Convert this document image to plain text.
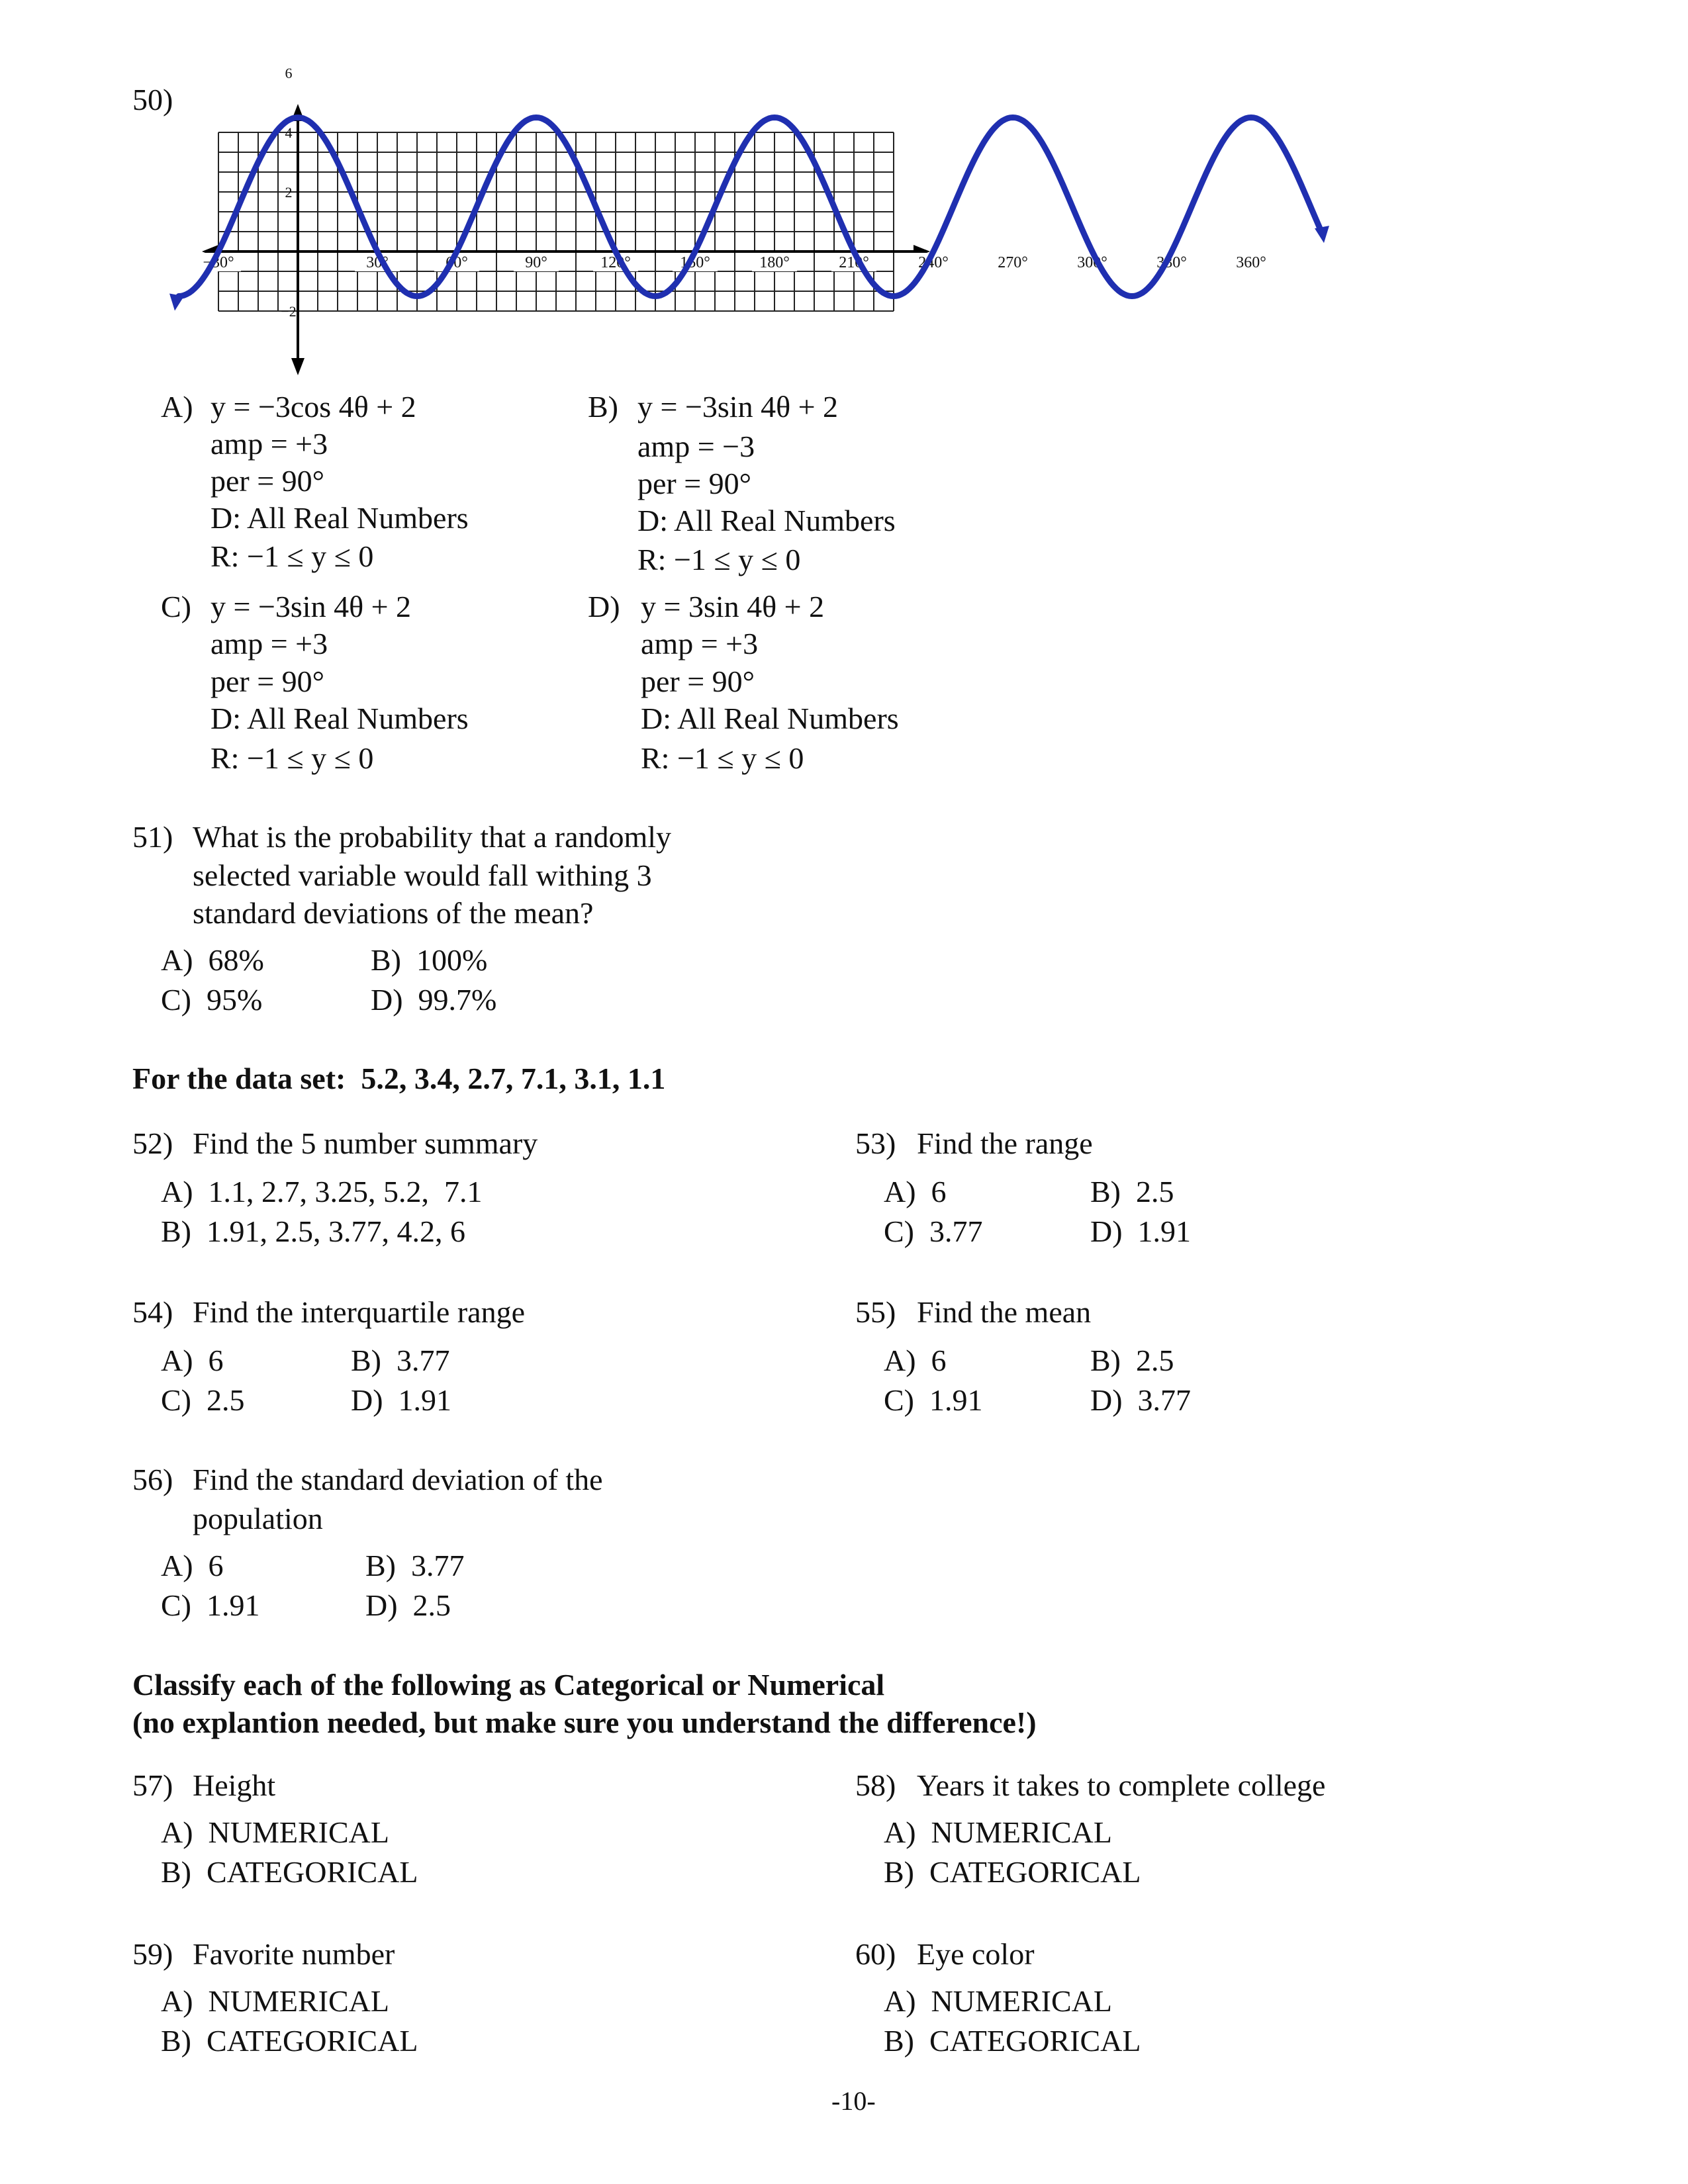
50)
−30°	30°	60°	90°	120°	150°	180°	210°	240°	270°	300°	330°	360°
6
4
2
−2
A) y = −3cos 4θ + 2
amp = +3
per = 90°
D: All Real Numbers
R: −1 ≤ y ≤ 0
B) y = −3sin 4θ + 2
amp = −3
per = 90°
D: All Real Numbers
R: −1 ≤ y ≤ 0
C) y = −3sin 4θ + 2
amp = +3
per = 90°
D: All Real Numbers
R: −1 ≤ y ≤ 0
D) y = 3sin 4θ + 2
amp = +3
per = 90°
D: All Real Numbers
R: −1 ≤ y ≤ 0
51) What is the probability that a randomly
selected variable would fall withing 3
standard deviations of the mean?
A)  68%	B)  100%
C)  95%	D)  99.7%
For the data set:  5.2, 3.4, 2.7, 7.1, 3.1, 1.1
52) Find the 5 number summary
A)  1.1, 2.7, 3.25, 5.2,  7.1
B)  1.91, 2.5, 3.77, 4.2, 6
53) Find the range
A)  6	B)  2.5
C)  3.77	D)  1.91
54) Find the interquartile range
A)  6	B)  3.77
C)  2.5	D)  1.91
55) Find the mean
A)  6	B)  2.5
C)  1.91	D)  3.77
56) Find the standard deviation of the
population
A)  6	B)  3.77
C)  1.91	D)  2.5
Classify each of the following as Categorical or Numerical
(no explantion needed, but make sure you understand the difference!)
57) Height
A)  NUMERICAL
B)  CATEGORICAL
58) Years it takes to complete college
A)  NUMERICAL
B)  CATEGORICAL
59) Favorite number
A)  NUMERICAL
B)  CATEGORICAL
60) Eye color
A)  NUMERICAL
B)  CATEGORICAL
-10-
